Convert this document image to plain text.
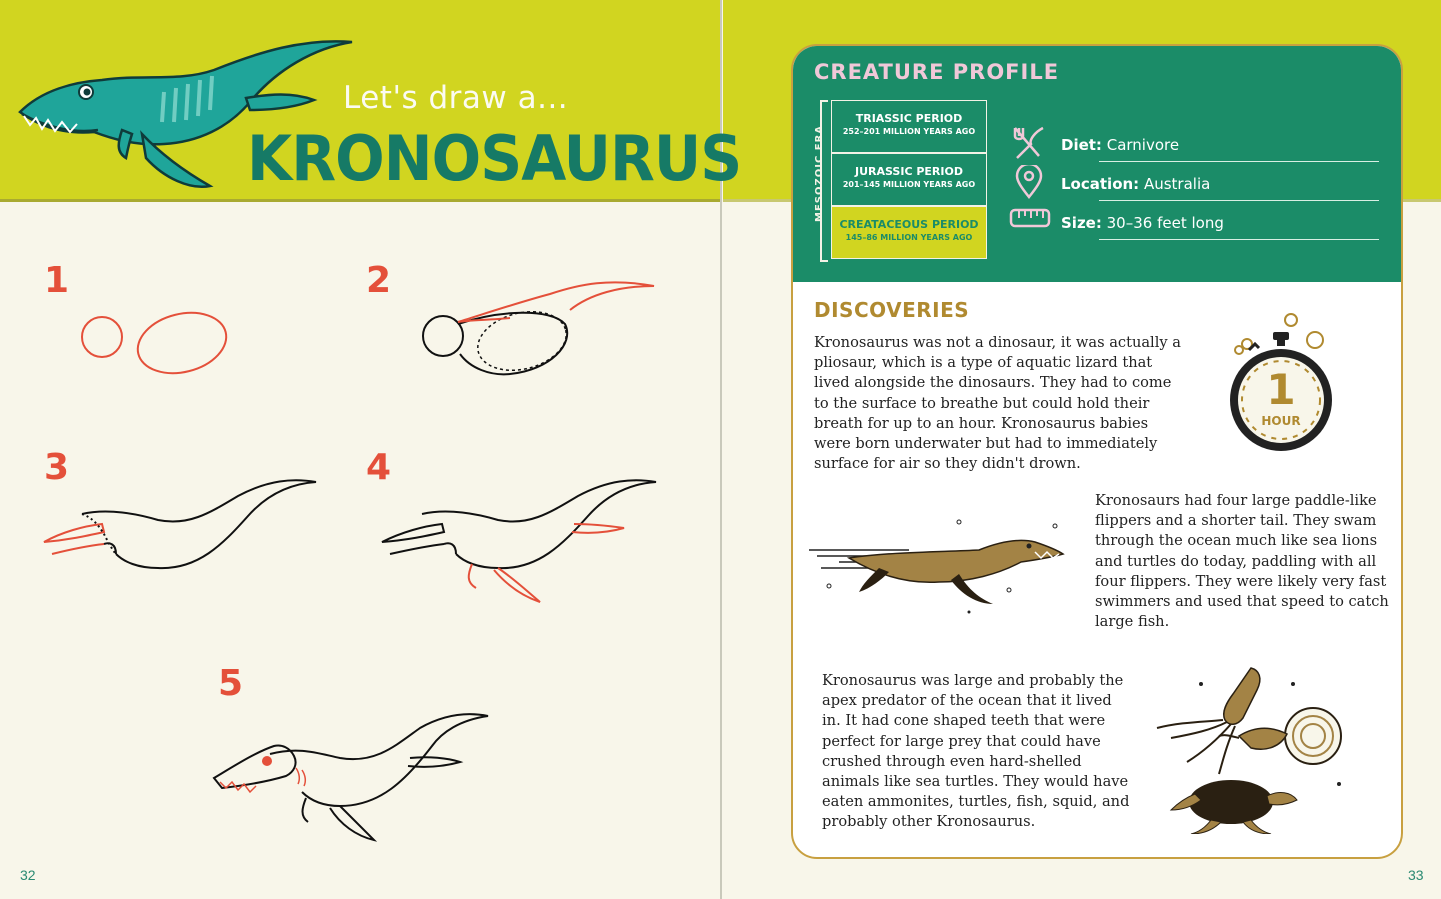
Let's draw a...
KRONOSAURUS
1	2
3	4
5
32
CREATURE PROFILE
MESOZOIC ERA
TRIASSIC PERIOD
252–201 MILLION YEARS AGO
JURASSIC PERIOD
201–145 MILLION YEARS AGO
CREATACEOUS PERIOD
145–86 MILLION YEARS AGO
Diet: Carnivore
Location: Australia
Size: 30–36 feet long
DISCOVERIES
Kronosaurus was not a dinosaur, it was actually a pliosaur, which is a type of aquatic lizard that lived alongside the dinosaurs. They had to come to the surface to breathe but could hold their breath for up to an hour. Kronosaurus babies were born underwater but had to immediately surface for air so they didn't drown.
1
HOUR
Kronosaurs had four large paddle-like flippers and a shorter tail. They swam through the ocean much like sea lions and turtles do today, paddling with all four flippers. They were likely very fast swimmers and used that speed to catch large fish.
Kronosaurus was large and probably the apex predator of the ocean that it lived in. It had cone shaped teeth that were perfect for large prey that could have crushed through even hard-shelled animals like sea turtles. They would have eaten ammonites, turtles, fish, squid, and probably other Kronosaurus.
33
